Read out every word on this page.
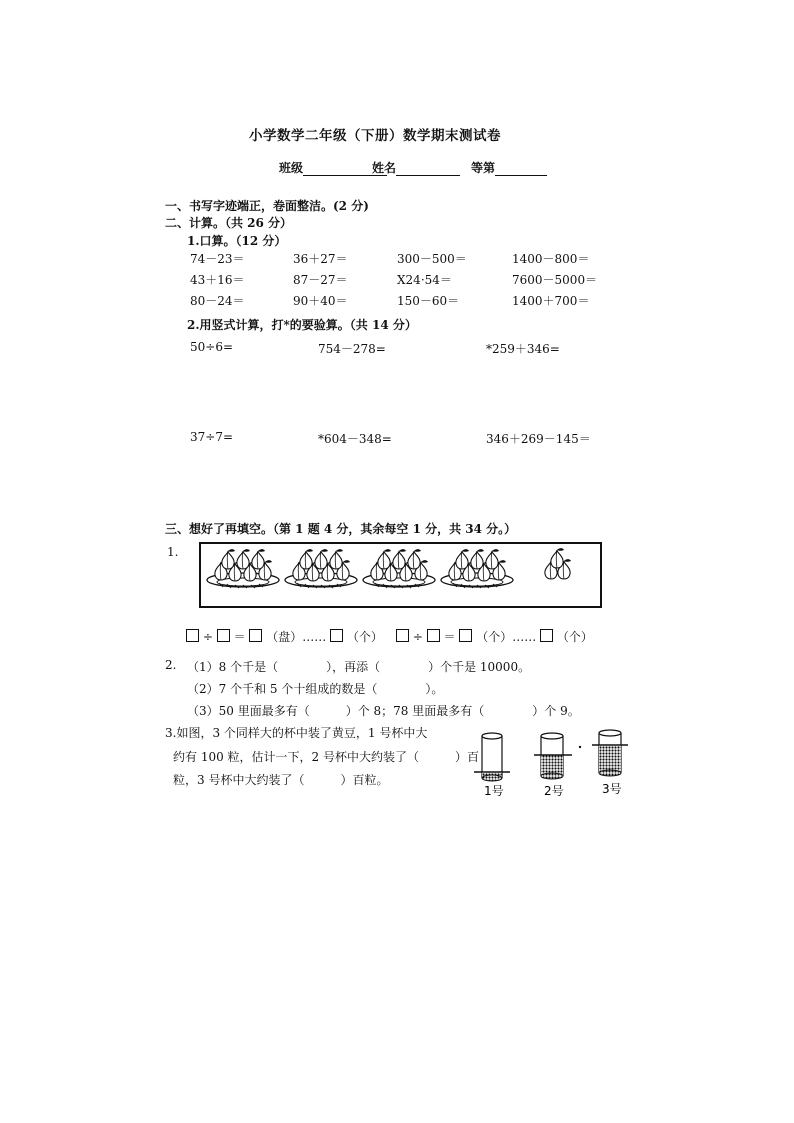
小学数学二年级（下册）数学期末测试卷
班级	姓名	等第
一、书写字迹端正，卷面整洁。(2 分)
二、计算。（共 26 分）
1.口算。（12 分）
74－23＝	36＋27＝	300－500＝	1400－800＝
43＋16＝	87－27＝	X24·54＝	7600－5000＝
80－24＝	90＋40＝	150－60＝	1400＋700＝
2.用竖式计算，打*的要验算。（共 14 分）
50÷6=	754－278=	*259＋346=
37÷7=	*604－348=	346＋269－145＝
三、想好了再填空。（第 1 题 4 分，其余每空 1 分，共 34 分。）
1.
÷ ＝ （盘）…… （个）	÷ ＝ （个）…… （个）
2. （1）8 个千是（　　　　），再添（　　　　）个千是 10000。
（2）7 个千和 5 个十组成的数是（　　　　）。
（3）50 里面最多有（　　　）个 8；78 里面最多有（　　　　）个 9。
3.如图，3 个同样大的杯中装了黄豆，1 号杯中大
约有 100 粒，估计一下，2 号杯中大约装了（　　　）百
粒，3 号杯中大约装了（　　　）百粒。
1号	2号	3号
